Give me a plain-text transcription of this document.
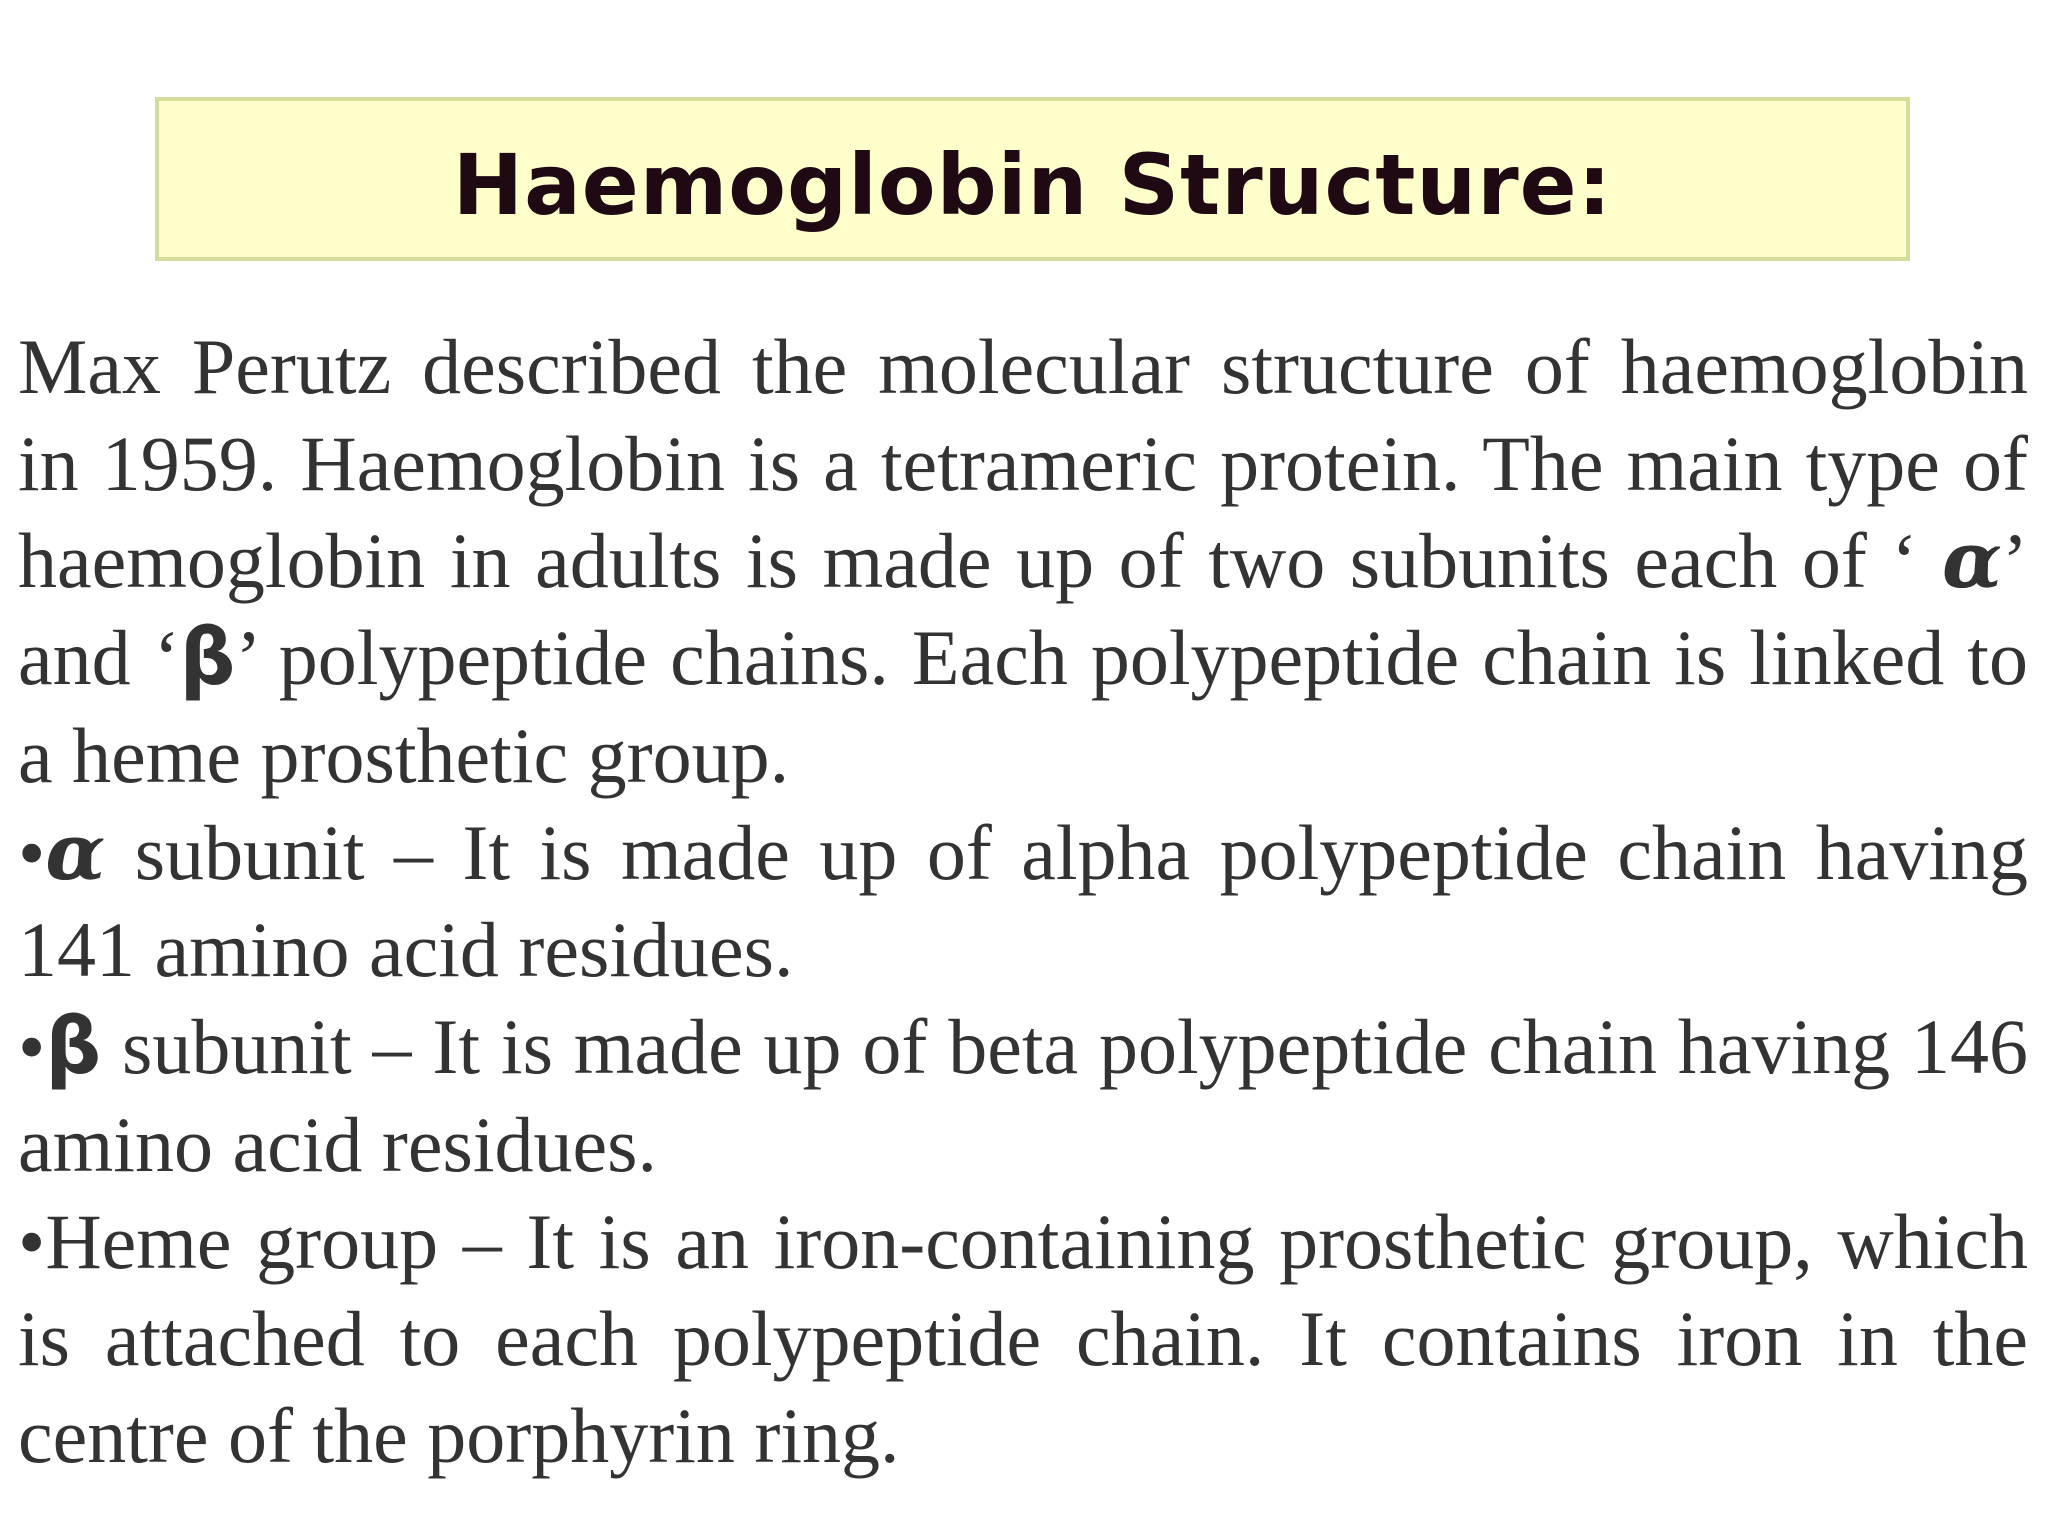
Haemoglobin Structure:

Max Perutz described the molecular structure of haemoglobin in 1959. Haemoglobin is a tetrameric protein. The main type of haemoglobin in adults is made up of two subunits each of ‘ α’ and ‘β’ polypeptide chains. Each polypeptide chain is linked to a heme prosthetic group.

•α subunit – It is made up of alpha polypeptide chain having 141 amino acid residues.

•β subunit – It is made up of beta polypeptide chain having 146 amino acid residues.

•Heme group – It is an iron-containing prosthetic group, which is attached to each polypeptide chain. It contains iron in the centre of the porphyrin ring.
